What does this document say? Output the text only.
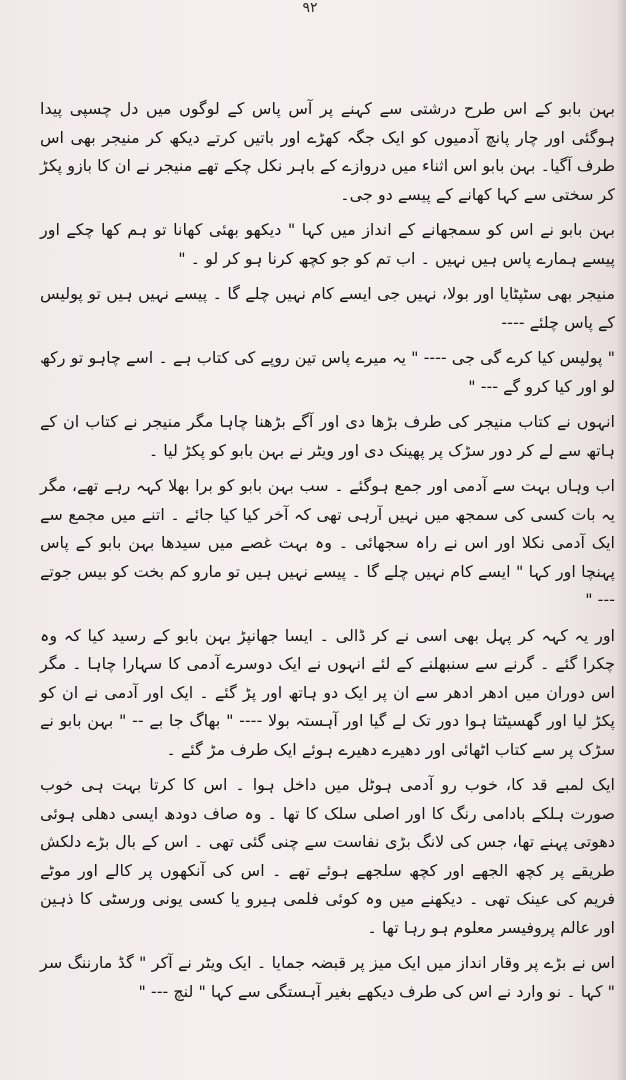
۹۲

بہن بابو کے اس طرح درشتی سے کہنے پر آس پاس کے لوگوں میں دل چسپی پیدا ہوگئی اور چار پانچ آدمیوں کو ایک جگہ کھڑے اور باتیں کرتے دیکھ کر منیجر بھی اس طرف آگیا۔ بہن بابو اس اثناء میں دروازے کے باہر نکل چکے تھے منیجر نے ان کا بازو پکڑ کر سختی سے کہا کھانے کے پیسے دو جی۔

بہن بابو نے اس کو سمجھانے کے انداز میں کہا " دیکھو بھئی کھانا تو ہم کھا چکے اور پیسے ہمارے پاس ہیں نہیں ۔ اب تم کو جو کچھ کرنا ہو کر لو ۔ "

منیجر بھی سٹپٹایا اور بولا، نہیں جی ایسے کام نہیں چلے گا ۔ پیسے نہیں ہیں تو پولیس کے پاس چلئے ----

" پولیس کیا کرے گی جی ---- " یہ میرے پاس تین روپے کی کتاب ہے ۔ اسے چاہو تو رکھ لو اور کیا کرو گے --- "

انہوں نے کتاب منیجر کی طرف بڑھا دی اور آگے بڑھنا چاہا مگر منیجر نے کتاب ان کے ہاتھ سے لے کر دور سڑک پر پھینک دی اور ویٹر نے بہن بابو کو پکڑ لیا ۔

اب وہاں بہت سے آدمی اور جمع ہوگئے ۔ سب بہن بابو کو برا بھلا کہہ رہے تھے، مگر یہ بات کسی کی سمجھ میں نہیں آرہی تھی کہ آخر کیا کیا جائے ۔ اتنے میں مجمع سے ایک آدمی نکلا اور اس نے راہ سجھائی ۔ وہ بہت غصے میں سیدھا بہن بابو کے پاس پہنچا اور کہا " ایسے کام نہیں چلے گا ۔ پیسے نہیں ہیں تو مارو کم بخت کو بیس جوتے --- "

اور یہ کہہ کر پہل بھی اسی نے کر ڈالی ۔ ایسا جھانپڑ بہن بابو کے رسید کیا کہ وہ چکرا گئے ۔ گرنے سے سنبھلنے کے لئے انہوں نے ایک دوسرے آدمی کا سہارا چاہا ۔ مگر اس دوران میں ادھر ادھر سے ان پر ایک دو ہاتھ اور پڑ گئے ۔ ایک اور آدمی نے ان کو پکڑ لیا اور گھسیٹتا ہوا دور تک لے گیا اور آہستہ بولا ---- " بھاگ جا بے -- " بہن بابو نے سڑک پر سے کتاب اٹھائی اور دھیرے دھیرے ہوئے ایک طرف مڑ گئے ۔

ایک لمبے قد کا، خوب رو آدمی ہوٹل میں داخل ہوا ۔ اس کا کرتا بہت ہی خوب صورت ہلکے بادامی رنگ کا اور اصلی سلک کا تھا ۔ وہ صاف دودھ ایسی دھلی ہوئی دھوتی پہنے تھا، جس کی لانگ بڑی نفاست سے چنی گئی تھی ۔ اس کے بال بڑے دلکش طریقے پر کچھ الجھے اور کچھ سلجھے ہوئے تھے ۔ اس کی آنکھوں پر کالے اور موٹے فریم کی عینک تھی ۔ دیکھنے میں وہ کوئی فلمی ہیرو یا کسی یونی ورسٹی کا ذہین اور عالم پروفیسر معلوم ہو رہا تھا ۔

اس نے بڑے پر وقار انداز میں ایک میز پر قبضہ جمایا ۔ ایک ویٹر نے آکر " گڈ مارننگ سر " کہا ۔ نو وارد نے اس کی طرف دیکھے بغیر آہستگی سے کہا " لنچ --- "
